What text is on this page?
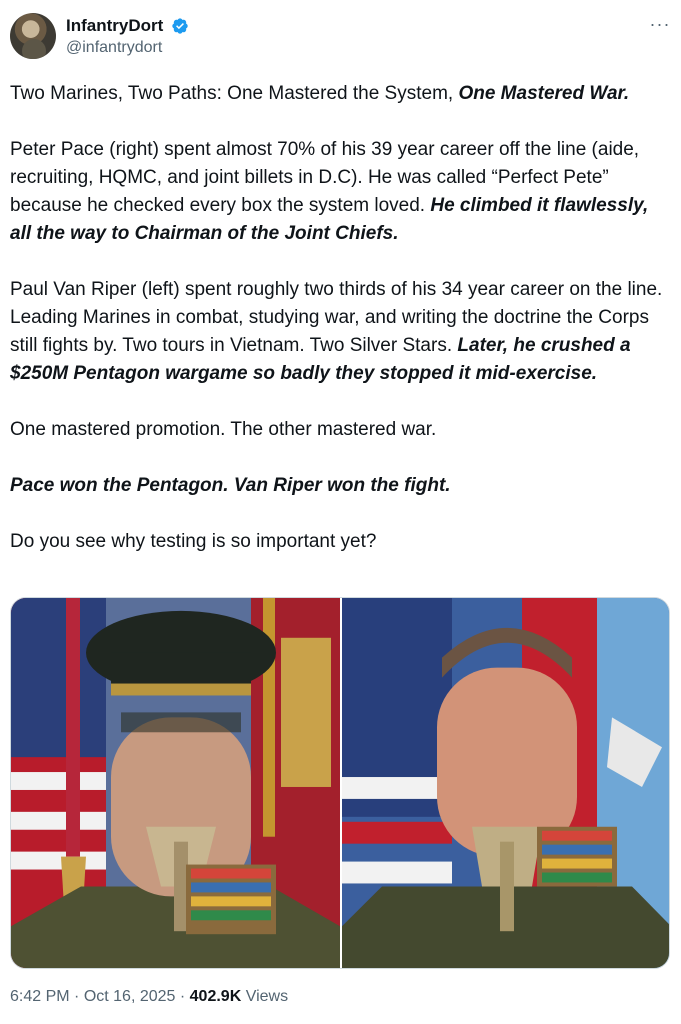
InfantryDort
@infantrydort
···

Two Marines, Two Paths: One Mastered the System, One Mastered War.

Peter Pace (right) spent almost 70% of his 39 year career off the line (aide, recruiting, HQMC, and joint billets in D.C). He was called “Perfect Pete” because he checked every box the system loved. He climbed it flawlessly, all the way to Chairman of the Joint Chiefs.

Paul Van Riper (left) spent roughly two thirds of his 34 year career on the line. Leading Marines in combat, studying war, and writing the doctrine the Corps still fights by. Two tours in Vietnam. Two Silver Stars. Later, he crushed a $250M Pentagon wargame so badly they stopped it mid-exercise.

One mastered promotion. The other mastered war.

Pace won the Pentagon. Van Riper won the fight.

Do you see why testing is so important yet?

6:42 PM · Oct 16, 2025 · 402.9K Views
